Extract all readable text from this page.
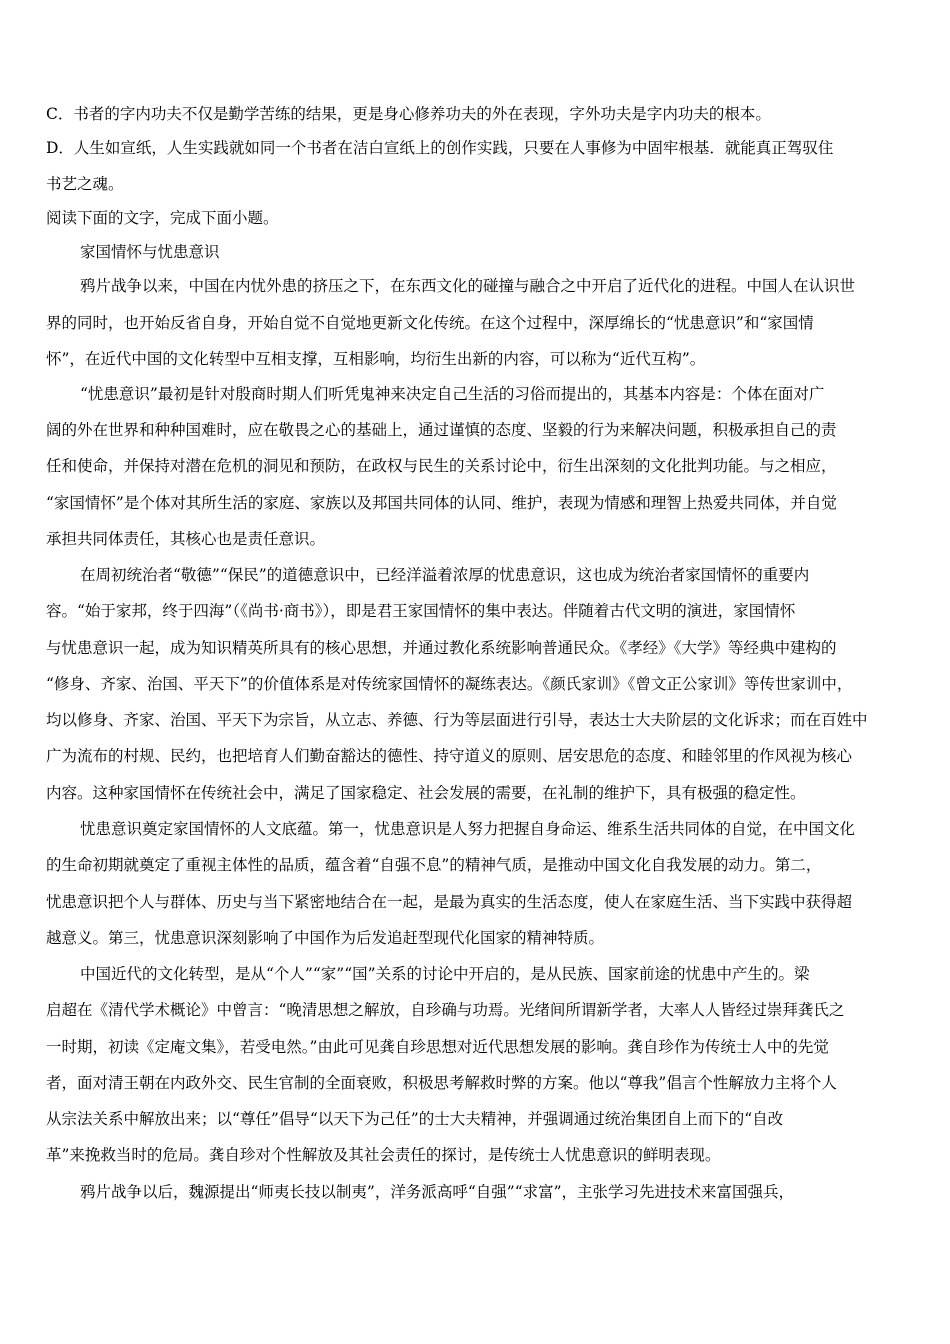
C．书者的字内功夫不仅是勤学苦练的结果，更是身心修养功夫的外在表现，字外功夫是字内功夫的根本。
D．人生如宣纸，人生实践就如同一个书者在洁白宣纸上的创作实践，只要在人事修为中固牢根基．就能真正驾驭住
书艺之魂。
阅读下面的文字，完成下面小题。
家国情怀与忧患意识
鸦片战争以来，中国在内忧外患的挤压之下，在东西文化的碰撞与融合之中开启了近代化的进程。中国人在认识世
界的同时，也开始反省自身，开始自觉不自觉地更新文化传统。在这个过程中，深厚绵长的“忧患意识”和“家国情
怀”，在近代中国的文化转型中互相支撑，互相影响，均衍生出新的内容，可以称为“近代互构”。
“忧患意识”最初是针对殷商时期人们听凭鬼神来决定自己生活的习俗而提出的，其基本内容是：个体在面对广
阔的外在世界和种种国难时，应在敬畏之心的基础上，通过谨慎的态度、坚毅的行为来解决问题，积极承担自己的责
任和使命，并保持对潜在危机的洞见和预防，在政权与民生的关系讨论中，衍生出深刻的文化批判功能。与之相应，
“家国情怀”是个体对其所生活的家庭、家族以及邦国共同体的认同、维护，表现为情感和理智上热爱共同体，并自觉
承担共同体责任，其核心也是责任意识。
在周初统治者“敬德”“保民”的道德意识中，已经洋溢着浓厚的忧患意识，这也成为统治者家国情怀的重要内
容。“始于家邦，终于四海”（《尚书·商书》），即是君王家国情怀的集中表达。伴随着古代文明的演进，家国情怀
与忧患意识一起，成为知识精英所具有的核心思想，并通过教化系统影响普通民众。《孝经》《大学》等经典中建构的
“修身、齐家、治国、平天下”的价值体系是对传统家国情怀的凝练表达。《颜氏家训》《曾文正公家训》等传世家训中，
均以修身、齐家、治国、平天下为宗旨，从立志、养德、行为等层面进行引导，表达士大夫阶层的文化诉求；而在百姓中
广为流布的村规、民约，也把培育人们勤奋豁达的德性、持守道义的原则、居安思危的态度、和睦邻里的作风视为核心
内容。这种家国情怀在传统社会中，满足了国家稳定、社会发展的需要，在礼制的维护下，具有极强的稳定性。
忧患意识奠定家国情怀的人文底蕴。第一，忧患意识是人努力把握自身命运、维系生活共同体的自觉，在中国文化
的生命初期就奠定了重视主体性的品质，蕴含着“自强不息”的精神气质，是推动中国文化自我发展的动力。第二，
忧患意识把个人与群体、历史与当下紧密地结合在一起，是最为真实的生活态度，使人在家庭生活、当下实践中获得超
越意义。第三，忧患意识深刻影响了中国作为后发追赶型现代化国家的精神特质。
中国近代的文化转型，是从“个人”“家”“国”关系的讨论中开启的，是从民族、国家前途的忧患中产生的。梁
启超在《清代学术概论》中曾言：“晚清思想之解放，自珍确与功焉。光绪间所谓新学者，大率人人皆经过崇拜龚氏之
一时期，初读《定庵文集》，若受电然。”由此可见龚自珍思想对近代思想发展的影响。龚自珍作为传统士人中的先觉
者，面对清王朝在内政外交、民生官制的全面衰败，积极思考解救时弊的方案。他以“尊我”倡言个性解放力主将个人
从宗法关系中解放出来；以“尊任”倡导“以天下为己任”的士大夫精神，并强调通过统治集团自上而下的“自改
革”来挽救当时的危局。龚自珍对个性解放及其社会责任的探讨，是传统士人忧患意识的鲜明表现。
鸦片战争以后，魏源提出“师夷长技以制夷”，洋务派高呼“自强”“求富”，主张学习先进技术来富国强兵，
